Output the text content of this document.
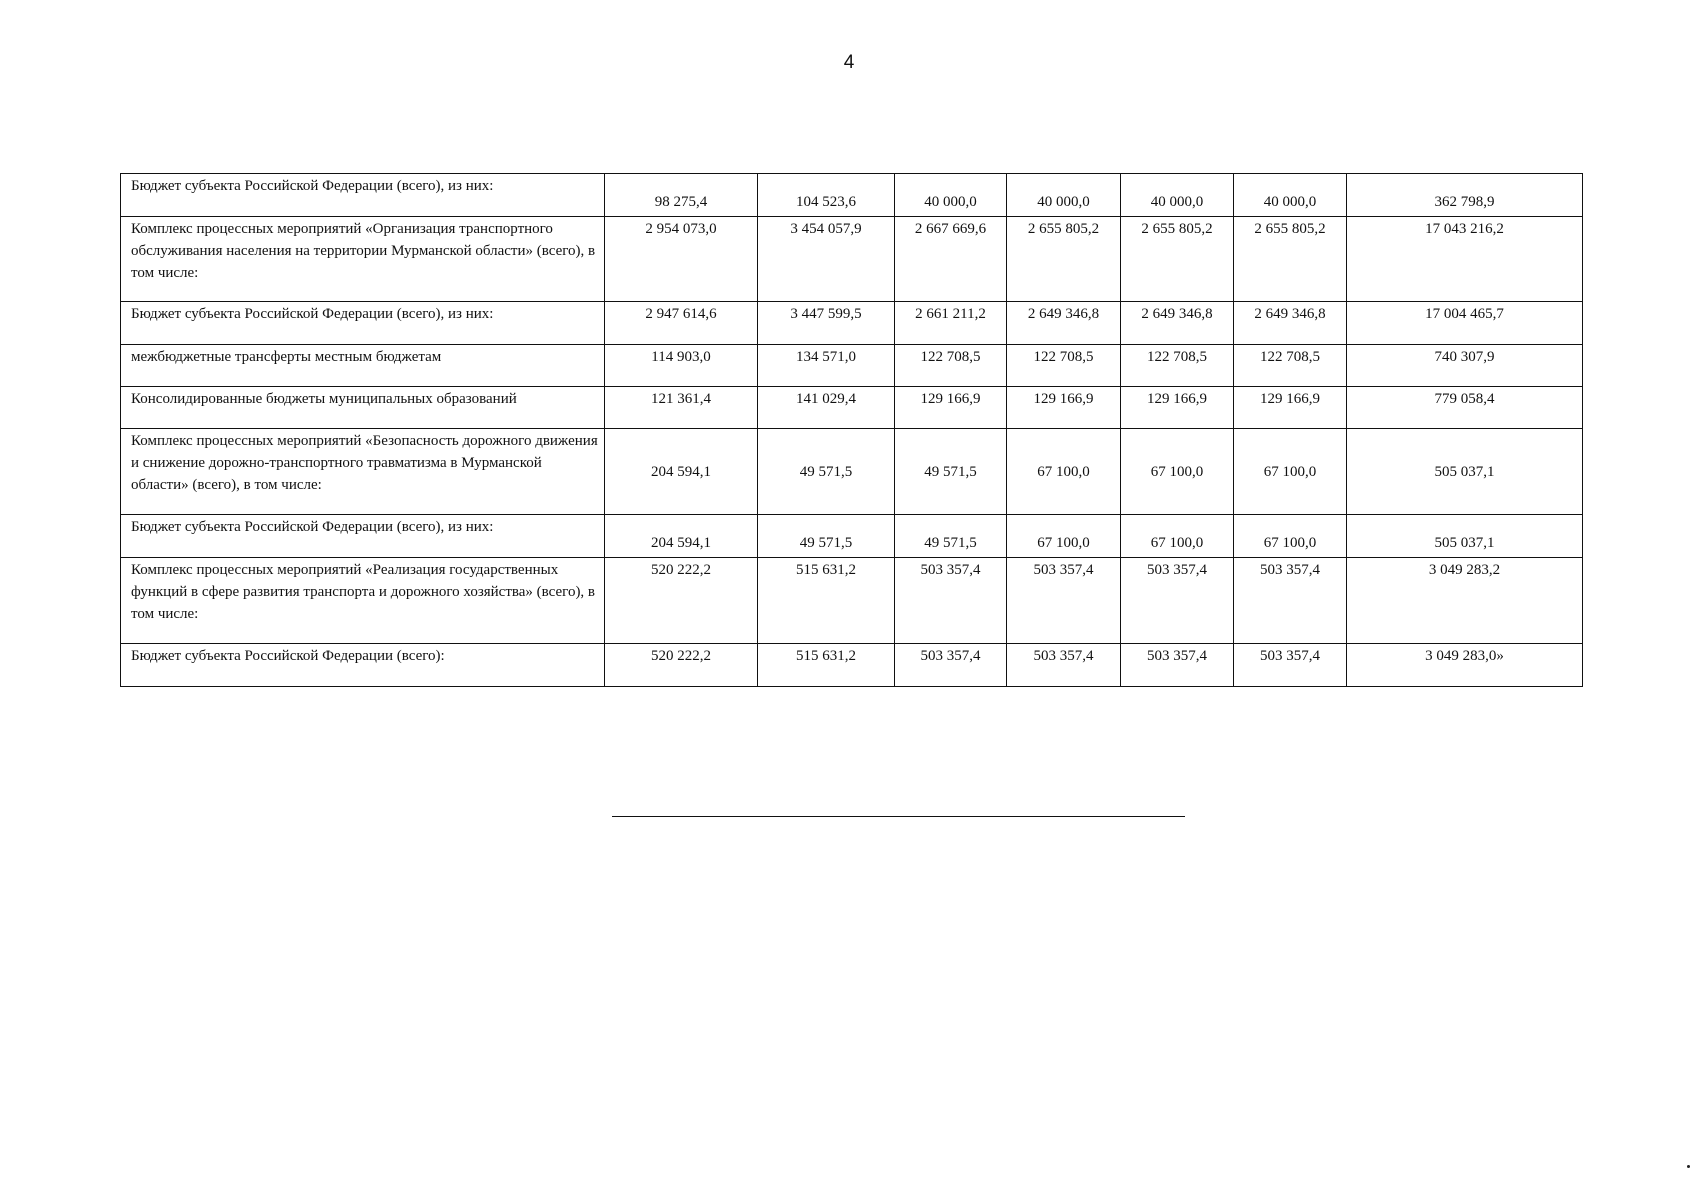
4
Бюджет субъекта Российской Федерации (всего), из них:	98 275,4	104 523,6	40 000,0	40 000,0	40 000,0	40 000,0	362 798,9
Комплекс процессных мероприятий «Организация транспортного обслуживания населения на территории Мурманской области» (всего), в том числе:	2 954 073,0	3 454 057,9	2 667 669,6	2 655 805,2	2 655 805,2	2 655 805,2	17 043 216,2
Бюджет субъекта Российской Федерации (всего), из них:	2 947 614,6	3 447 599,5	2 661 211,2	2 649 346,8	2 649 346,8	2 649 346,8	17 004 465,7
межбюджетные трансферты местным бюджетам	114 903,0	134 571,0	122 708,5	122 708,5	122 708,5	122 708,5	740 307,9
Консолидированные бюджеты муниципальных образований	121 361,4	141 029,4	129 166,9	129 166,9	129 166,9	129 166,9	779 058,4
Комплекс процессных мероприятий «Безопасность дорожного движения и снижение дорожно-транспортного травматизма в Мурманской области» (всего), в том числе:	204 594,1	49 571,5	49 571,5	67 100,0	67 100,0	67 100,0	505 037,1
Бюджет субъекта Российской Федерации (всего), из них:	204 594,1	49 571,5	49 571,5	67 100,0	67 100,0	67 100,0	505 037,1
Комплекс процессных мероприятий «Реализация государственных функций в сфере развития транспорта и дорожного хозяйства» (всего), в том числе:	520 222,2	515 631,2	503 357,4	503 357,4	503 357,4	503 357,4	3 049 283,2
Бюджет субъекта Российской Федерации (всего):	520 222,2	515 631,2	503 357,4	503 357,4	503 357,4	503 357,4	3 049 283,0»
